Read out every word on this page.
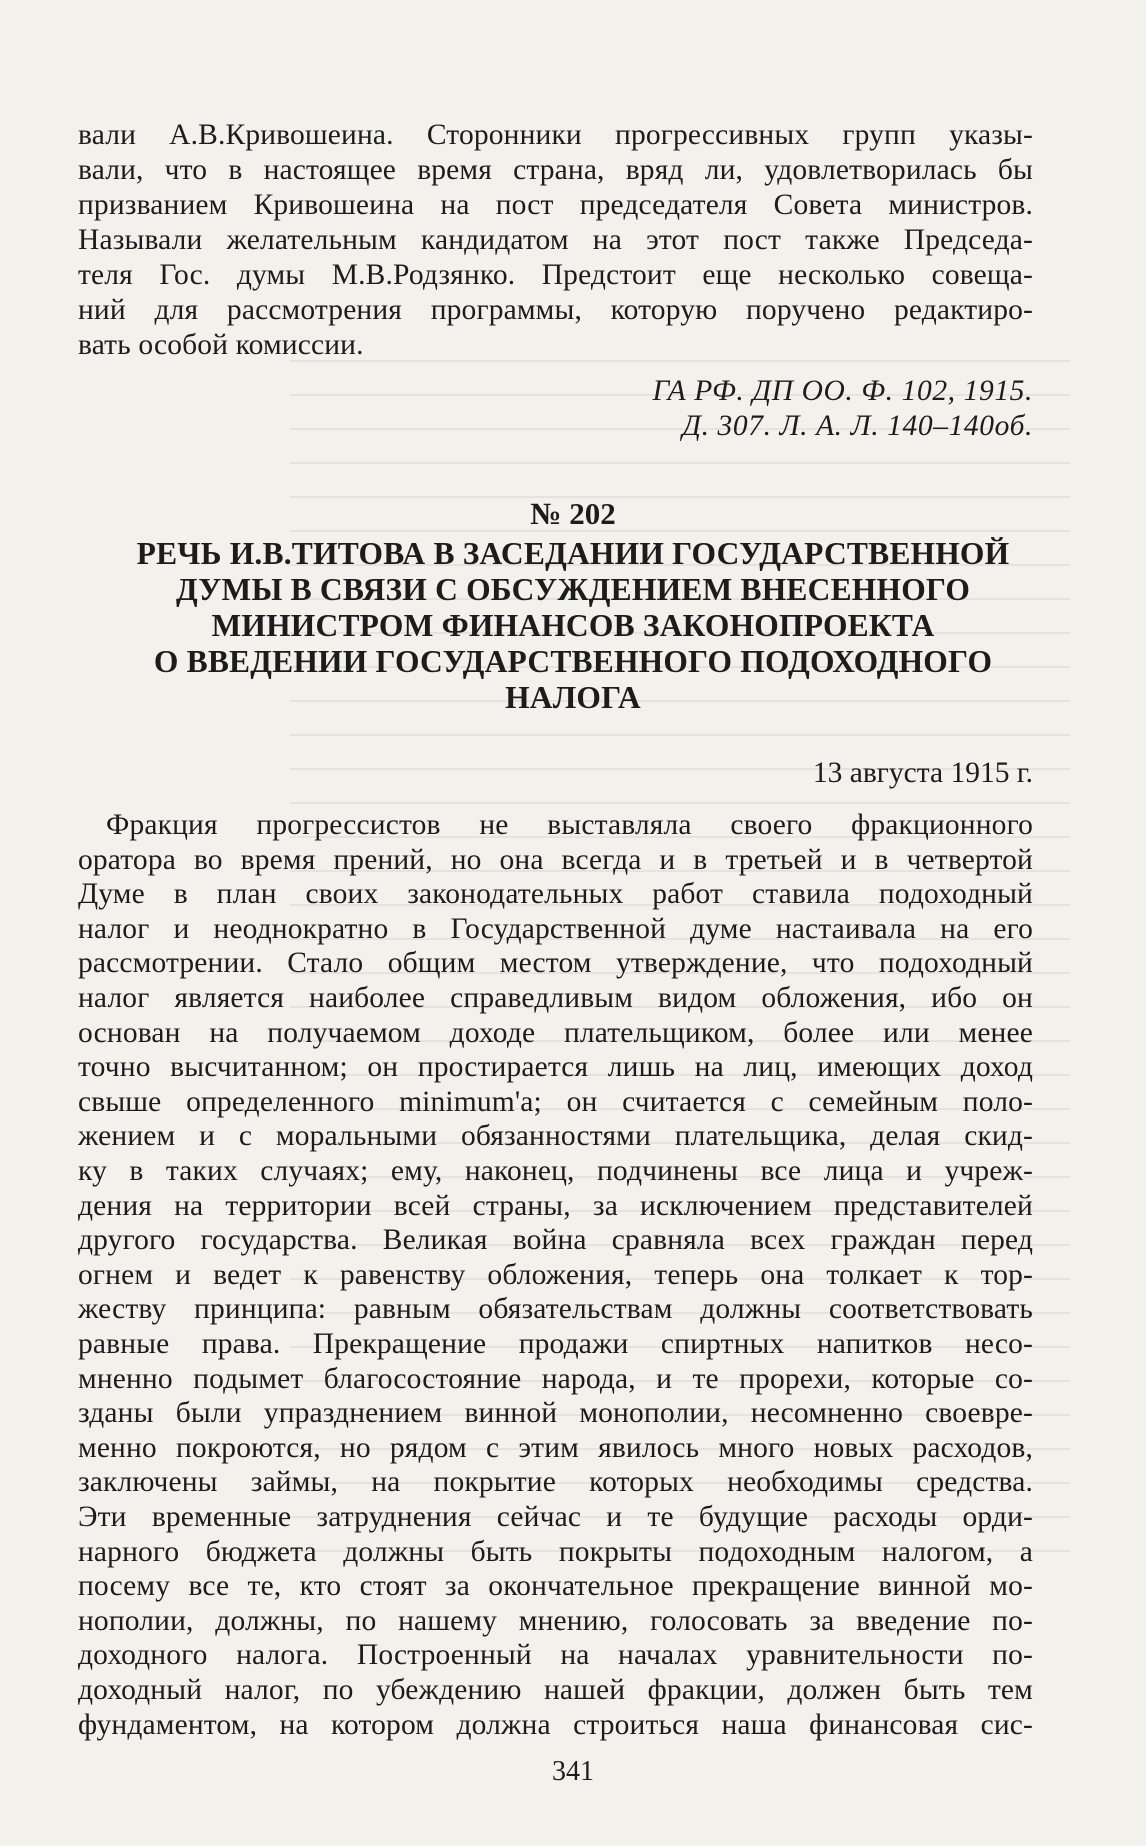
вали А.В.Кривошеина. Сторонники прогрессивных групп указы-
вали, что в настоящее время страна, вряд ли, удовлетворилась бы
призванием Кривошеина на пост председателя Совета министров.
Называли желательным кандидатом на этот пост также Председа-
теля Гос. думы М.В.Родзянко. Предстоит еще несколько совеща-
ний для рассмотрения программы, которую поручено редактиро-
вать особой комиссии.
ГА РФ. ДП ОО. Ф. 102, 1915.
Д. 307. Л. А. Л. 140–140об.
№ 202
РЕЧЬ И.В.ТИТОВА В ЗАСЕДАНИИ ГОСУДАРСТВЕННОЙ
ДУМЫ В СВЯЗИ С ОБСУЖДЕНИЕМ ВНЕСЕННОГО
МИНИСТРОМ ФИНАНСОВ ЗАКОНОПРОЕКТА
О ВВЕДЕНИИ ГОСУДАРСТВЕННОГО ПОДОХОДНОГО
НАЛОГА
13 августа 1915 г.
Фракция прогрессистов не выставляла своего фракционного
оратора во время прений, но она всегда и в третьей и в четвертой
Думе в план своих законодательных работ ставила подоходный
налог и неоднократно в Государственной думе настаивала на его
рассмотрении. Стало общим местом утверждение, что подоходный
налог является наиболее справедливым видом обложения, ибо он
основан на получаемом доходе плательщиком, более или менее
точно высчитанном; он простирается лишь на лиц, имеющих доход
свыше определенного minimum'а; он считается с семейным поло-
жением и с моральными обязанностями плательщика, делая скид-
ку в таких случаях; ему, наконец, подчинены все лица и учреж-
дения на территории всей страны, за исключением представителей
другого государства. Великая война сравняла всех граждан перед
огнем и ведет к равенству обложения, теперь она толкает к тор-
жеству принципа: равным обязательствам должны соответствовать
равные права. Прекращение продажи спиртных напитков несо-
мненно подымет благосостояние народа, и те прорехи, которые со-
зданы были упразднением винной монополии, несомненно своевре-
менно покроются, но рядом с этим явилось много новых расходов,
заключены займы, на покрытие которых необходимы средства.
Эти временные затруднения сейчас и те будущие расходы орди-
нарного бюджета должны быть покрыты подоходным налогом, а
посему все те, кто стоят за окончательное прекращение винной мо-
нополии, должны, по нашему мнению, голосовать за введение по-
доходного налога. Построенный на началах уравнительности по-
доходный налог, по убеждению нашей фракции, должен быть тем
фундаментом, на котором должна строиться наша финансовая сис-
341
